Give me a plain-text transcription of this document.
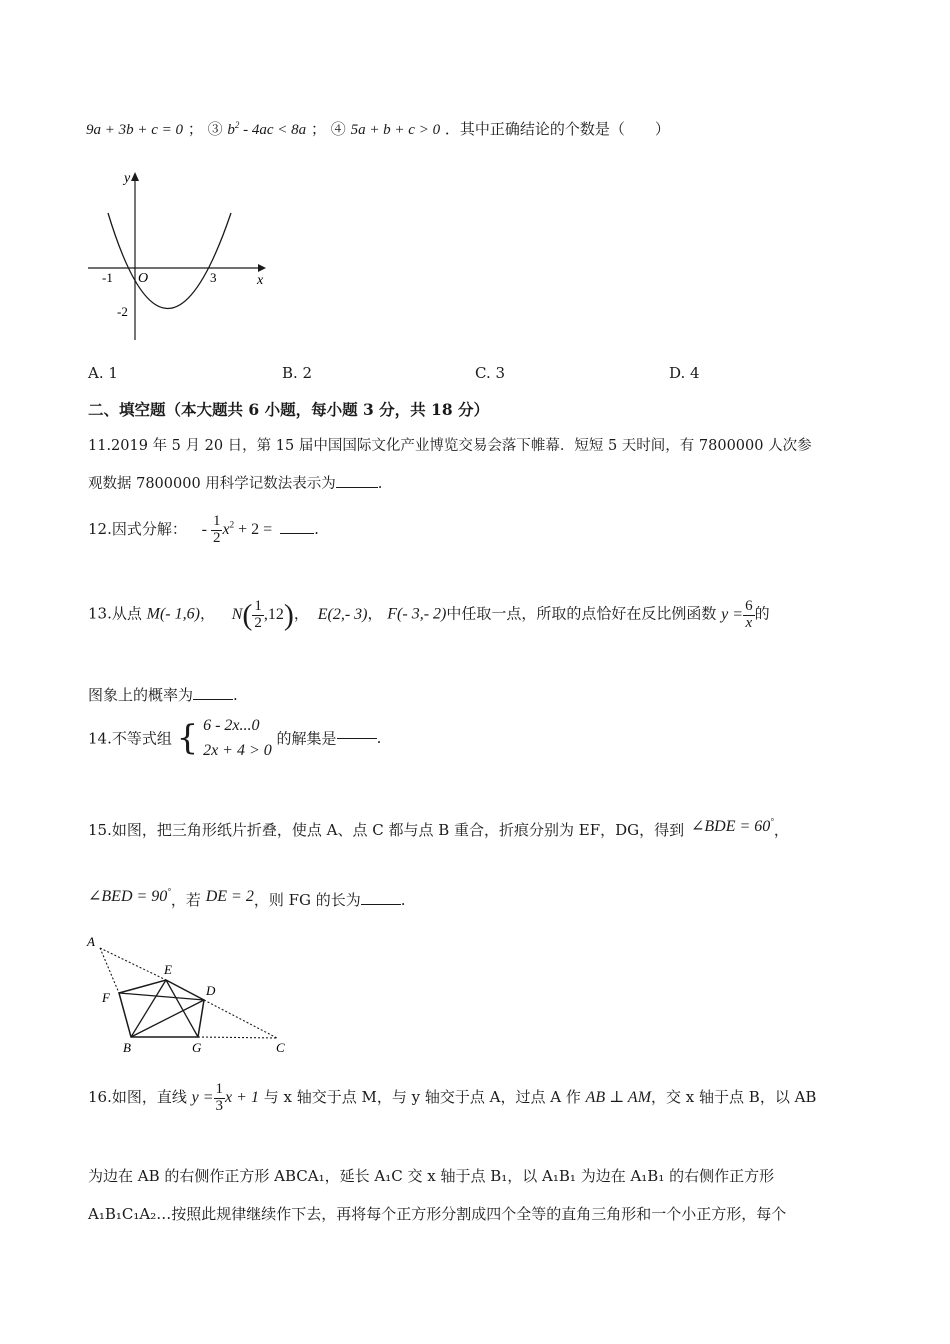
9a + 3b + c = 0 ； ③ $b^2 - 4ac < 8a$ ； ④ 5a + b + c > 0 ．其中正确结论的个数是（　　）
y
x
O
-1	3
-2
A. 1	B. 2	C. 3	D. 4
二、填空题（本大题共 6 小题，每小题 3 分，共 18 分）
11.2019 年 5 月 20 日，第 15 届中国国际文化产业博览交易会落下帷幕．短短 5 天时间，有 7800000 人次参
观数据 7800000 用科学记数法表示为	.
12.因式分解： - $\frac{1}{2} x^2 + 2$ =	.
13.从点 M(- 1,6)， $N( \frac{1}{2} ,12)$， E(2,- 3)， F(- 3,- 2)中任取一点，所取的点恰好在反比例函数 $y = \frac{6}{x}$ 的
图象上的概率为	.
14.不等式组 { 6 - 2x...0
2x + 4 > 0
的解集是	.
15.如图，把三角形纸片折叠，使点 A、点 C 都与点 B 重合，折痕分别为 EF，DG，得到 ∠BDE = 60°，
∠BED = 90°，若 DE = 2，则 FG 的长为	.
A
E
D
F
B	G	C
16.如图，直线 $y = \frac{1}{3}$ x + 1 与 x 轴交于点 M，与 y 轴交于点 A，过点 A 作 AB ⊥ AM，交 x 轴于点 B，以 AB
为边在 AB 的右侧作正方形 ABCA₁，延长 A₁C 交 x 轴于点 B₁，以 A₁B₁ 为边在 A₁B₁ 的右侧作正方形
A₁B₁C₁A₂…按照此规律继续作下去，再将每个正方形分割成四个全等的直角三角形和一个小正方形，每个
